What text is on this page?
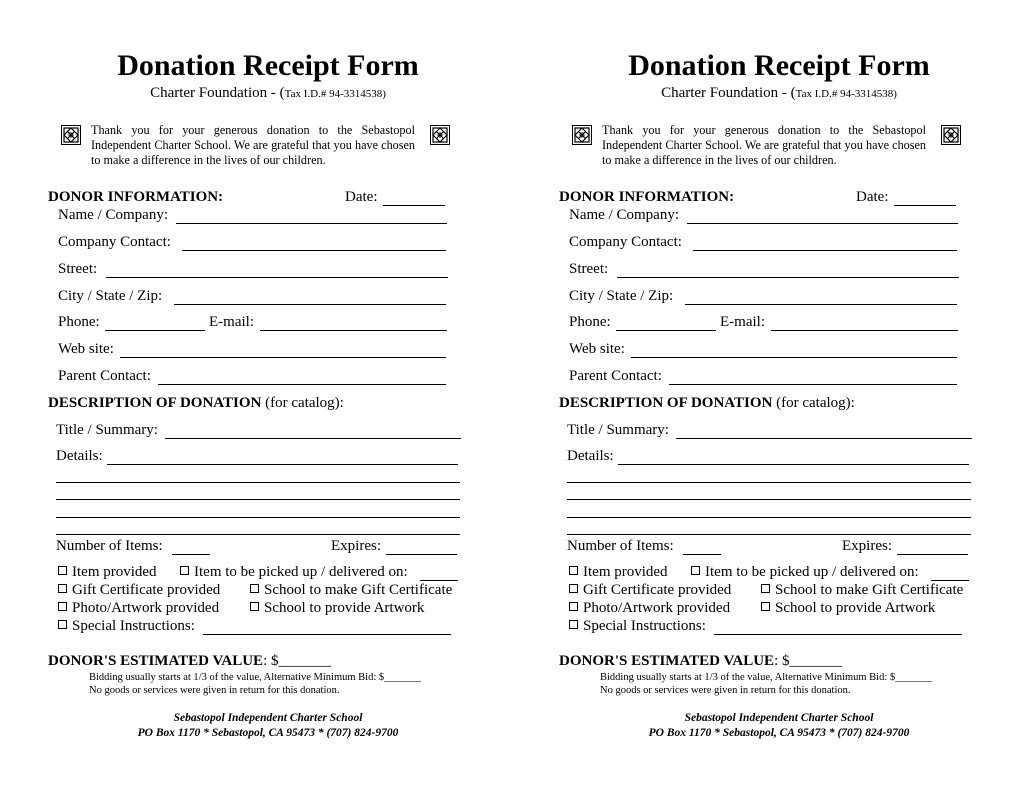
Donation Receipt Form
Charter Foundation - (Tax I.D.# 94-3314538)
Thank you for your generous donation to the Sebastopol Independent Charter School. We are grateful that you have chosen to make a difference in the lives of our children.
DONOR INFORMATION:	Date:
Name / Company:
Company Contact:
Street:
City / State / Zip:
Phone:	E-mail:
Web site:
Parent Contact:
DESCRIPTION OF DONATION (for catalog):
Title / Summary:
Details:
Number of Items:	Expires:
Item provided	Item to be picked up / delivered on:
Gift Certificate provided	School to make Gift Certificate
Photo/Artwork provided	School to provide Artwork
Special Instructions:
DONOR'S ESTIMATED VALUE: $_______
Bidding usually starts at 1/3 of the value, Alternative Minimum Bid: $_______
No goods or services were given in return for this donation.
Sebastopol Independent Charter School
PO Box 1170 * Sebastopol, CA 95473 * (707) 824-9700
Donation Receipt Form
Charter Foundation - (Tax I.D.# 94-3314538)
Thank you for your generous donation to the Sebastopol Independent Charter School. We are grateful that you have chosen to make a difference in the lives of our children.
DONOR INFORMATION:	Date:
Name / Company:
Company Contact:
Street:
City / State / Zip:
Phone:	E-mail:
Web site:
Parent Contact:
DESCRIPTION OF DONATION (for catalog):
Title / Summary:
Details:
Number of Items:	Expires:
Item provided	Item to be picked up / delivered on:
Gift Certificate provided	School to make Gift Certificate
Photo/Artwork provided	School to provide Artwork
Special Instructions:
DONOR'S ESTIMATED VALUE: $_______
Bidding usually starts at 1/3 of the value, Alternative Minimum Bid: $_______
No goods or services were given in return for this donation.
Sebastopol Independent Charter School
PO Box 1170 * Sebastopol, CA 95473 * (707) 824-9700
